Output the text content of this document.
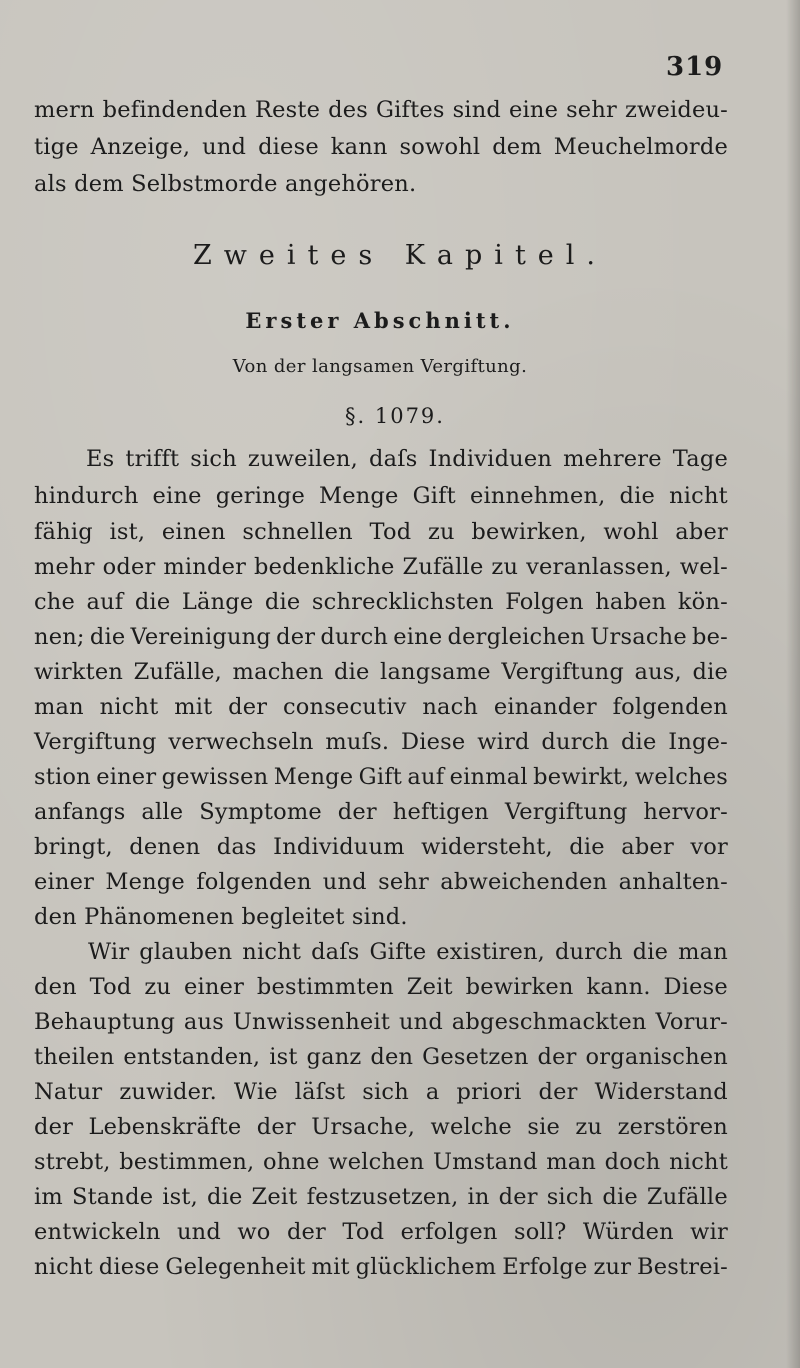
319
mern befindenden Reste des Giftes sind eine sehr zweideu-
tige Anzeige, und diese kann sowohl dem Meuchelmorde
als dem Selbstmorde angehören.
Zweites Kapitel.
Erster Abschnitt.
Von der langsamen Vergiftung.
§. 1079.
Es trifft sich zuweilen, daſs Individuen mehrere Tage
hindurch eine geringe Menge Gift einnehmen, die nicht
fähig ist, einen schnellen Tod zu bewirken, wohl aber
mehr oder minder bedenkliche Zufälle zu veranlassen, wel-
che auf die Länge die schrecklichsten Folgen haben kön-
nen; die Vereinigung der durch eine dergleichen Ursache be-
wirkten Zufälle, machen die langsame Vergiftung aus, die
man nicht mit der consecutiv nach einander folgenden
Vergiftung verwechseln muſs. Diese wird durch die Inge-
stion einer gewissen Menge Gift auf einmal bewirkt, welches
anfangs alle Symptome der heftigen Vergiftung hervor-
bringt, denen das Individuum widersteht, die aber vor
einer Menge folgenden und sehr abweichenden anhalten-
den Phänomenen begleitet sind.
Wir glauben nicht daſs Gifte existiren, durch die man
den Tod zu einer bestimmten Zeit bewirken kann. Diese
Behauptung aus Unwissenheit und abgeschmackten Vorur-
theilen entstanden, ist ganz den Gesetzen der organischen
Natur zuwider. Wie läſst sich a priori der Widerstand
der Lebenskräfte der Ursache, welche sie zu zerstören
strebt, bestimmen, ohne welchen Umstand man doch nicht
im Stande ist, die Zeit festzusetzen, in der sich die Zufälle
entwickeln und wo der Tod erfolgen soll? Würden wir
nicht diese Gelegenheit mit glücklichem Erfolge zur Bestrei-
